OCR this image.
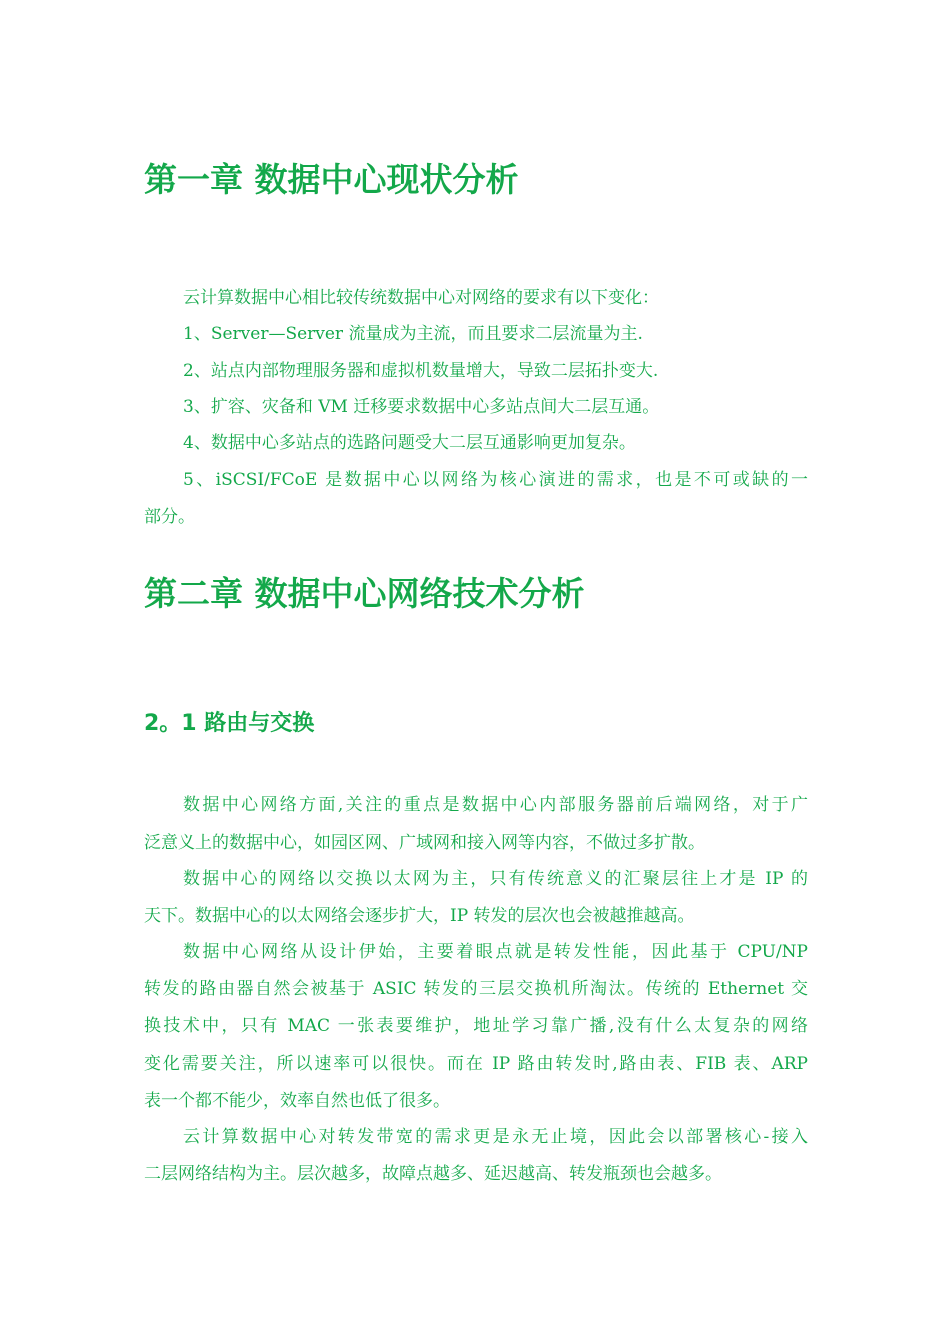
第一章 数据中心现状分析
云计算数据中心相比较传统数据中心对网络的要求有以下变化：
1、Server—Server 流量成为主流，而且要求二层流量为主.
2、站点内部物理服务器和虚拟机数量增大，导致二层拓扑变大.
3、扩容、灾备和 VM 迁移要求数据中心多站点间大二层互通。
4、数据中心多站点的选路问题受大二层互通影响更加复杂。
5、iSCSI/FCoE 是数据中心以网络为核心演进的需求，也是不可或缺的一
部分。
第二章 数据中心网络技术分析
2。1 路由与交换
数据中心网络方面,关注的重点是数据中心内部服务器前后端网络，对于广
泛意义上的数据中心，如园区网、广域网和接入网等内容，不做过多扩散。
数据中心的网络以交换以太网为主，只有传统意义的汇聚层往上才是 IP 的
天下。数据中心的以太网络会逐步扩大，IP 转发的层次也会被越推越高。
数据中心网络从设计伊始，主要着眼点就是转发性能，因此基于 CPU/NP
转发的路由器自然会被基于 ASIC 转发的三层交换机所淘汰。传统的 Ethernet 交
换技术中，只有 MAC 一张表要维护，地址学习靠广播,没有什么太复杂的网络
变化需要关注，所以速率可以很快。而在 IP 路由转发时,路由表、FIB 表、ARP
表一个都不能少，效率自然也低了很多。
云计算数据中心对转发带宽的需求更是永无止境，因此会以部署核心-接入
二层网络结构为主。层次越多，故障点越多、延迟越高、转发瓶颈也会越多。
